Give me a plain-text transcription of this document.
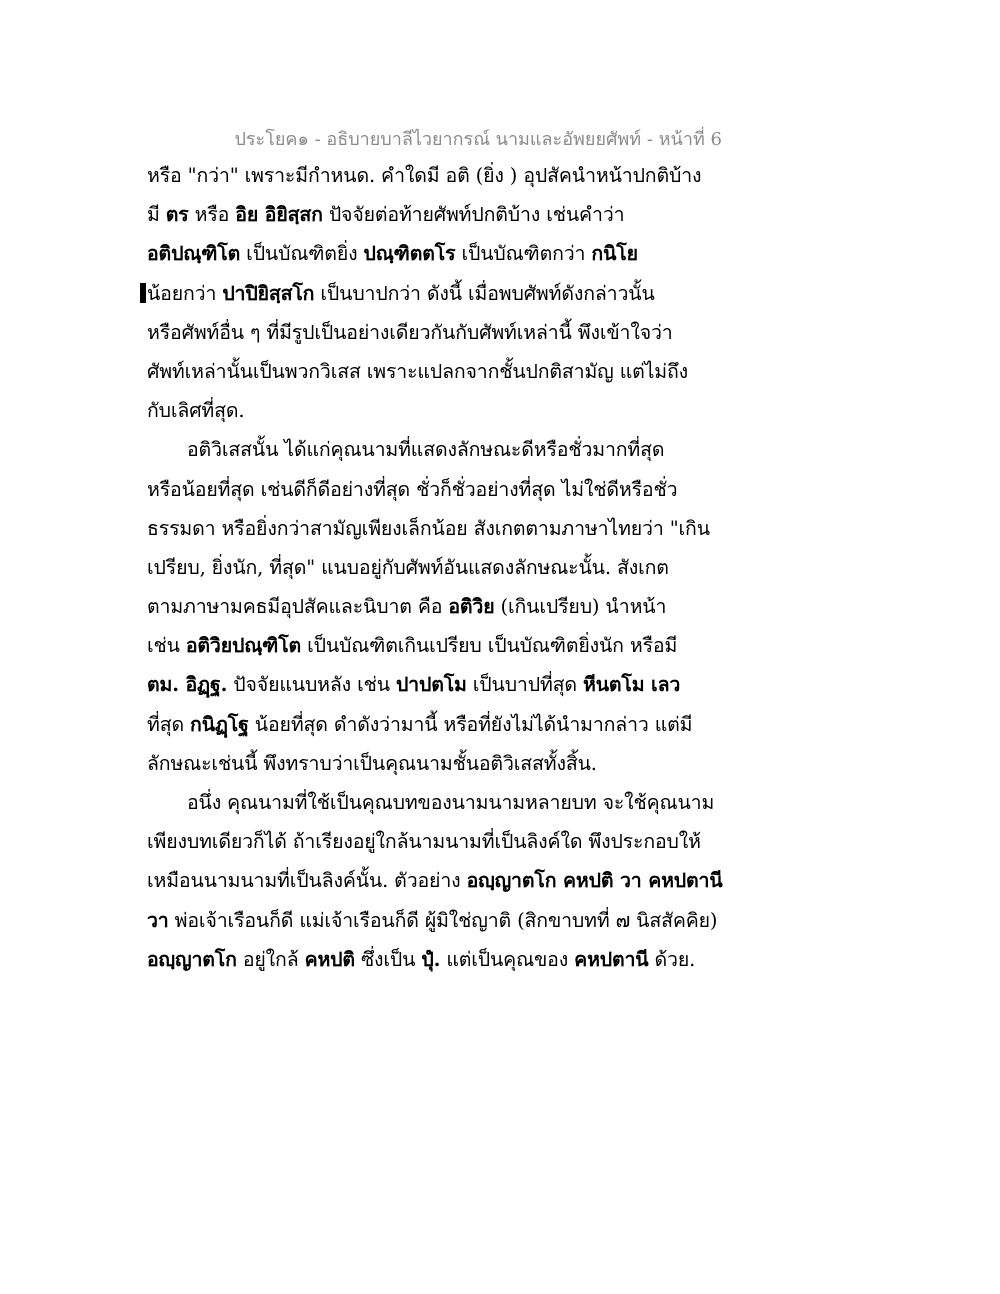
ประโยค๑ - อธิบายบาลีไวยากรณ์ นามและอัพยยศัพท์ - หน้าที่ 6
หรือ "กว่า" เพราะมีกำหนด. คำใดมี อติ (ยิ่ง ) อุปสัคนำหน้าปกติบ้าง
มี ตร หรือ อิย อิยิสฺสก ปัจจัยต่อท้ายศัพท์ปกติบ้าง เช่นคำว่า
อติปณฺฑิโต เป็นบัณฑิตยิ่ง ปณฺฑิตตโร เป็นบัณฑิตกว่า กนิโย
น้อยกว่า ปาปิยิสฺสโก เป็นบาปกว่า ดังนี้ เมื่อพบศัพท์ดังกล่าวนั้น
หรือศัพท์อื่น ๆ ที่มีรูปเป็นอย่างเดียวกันกับศัพท์เหล่านี้ พึงเข้าใจว่า
ศัพท์เหล่านั้นเป็นพวกวิเสส เพราะแปลกจากชั้นปกติสามัญ แต่ไม่ถึง
กับเลิศที่สุด.
อติวิเสสนั้น ได้แก่คุณนามที่แสดงลักษณะดีหรือชั่วมากที่สุด
หรือน้อยที่สุด เช่นดีก็ดีอย่างที่สุด ชั่วก็ชั่วอย่างที่สุด ไม่ใช่ดีหรือชั่ว
ธรรมดา หรือยิ่งกว่าสามัญเพียงเล็กน้อย สังเกตตามภาษาไทยว่า "เกิน
เปรียบ, ยิ่งนัก, ที่สุด" แนบอยู่กับศัพท์อันแสดงลักษณะนั้น. สังเกต
ตามภาษามคธมีอุปสัคและนิบาต คือ อติวิย (เกินเปรียบ) นำหน้า
เช่น อติวิยปณฺฑิโต เป็นบัณฑิตเกินเปรียบ เป็นบัณฑิตยิ่งนัก หรือมี
ตม. อิฏฺฐ. ปัจจัยแนบหลัง เช่น ปาปตโม เป็นบาปที่สุด หีนตโม เลว
ที่สุด กนิฏฺโฐ น้อยที่สุด ดำดังว่ามานี้ หรือที่ยังไม่ได้นำมากล่าว แต่มี
ลักษณะเช่นนี้ พึงทราบว่าเป็นคุณนามชั้นอติวิเสสทั้งสิ้น.
อนึ่ง คุณนามที่ใช้เป็นคุณบทของนามนามหลายบท จะใช้คุณนาม
เพียงบทเดียวก็ได้ ถ้าเรียงอยู่ใกล้นามนามที่เป็นลิงค์ใด พึงประกอบให้
เหมือนนามนามที่เป็นลิงค์นั้น. ตัวอย่าง อญฺญาตโก คหปติ วา คหปตานี
วา พ่อเจ้าเรือนก็ดี แม่เจ้าเรือนก็ดี ผู้มิใช่ญาติ (สิกขาบทที่ ๗ นิสสัคคิย)
อญฺญาตโก อยู่ใกล้ คหปติ ซึ่งเป็น ปุํ. แต่เป็นคุณของ คหปตานี ด้วย.
